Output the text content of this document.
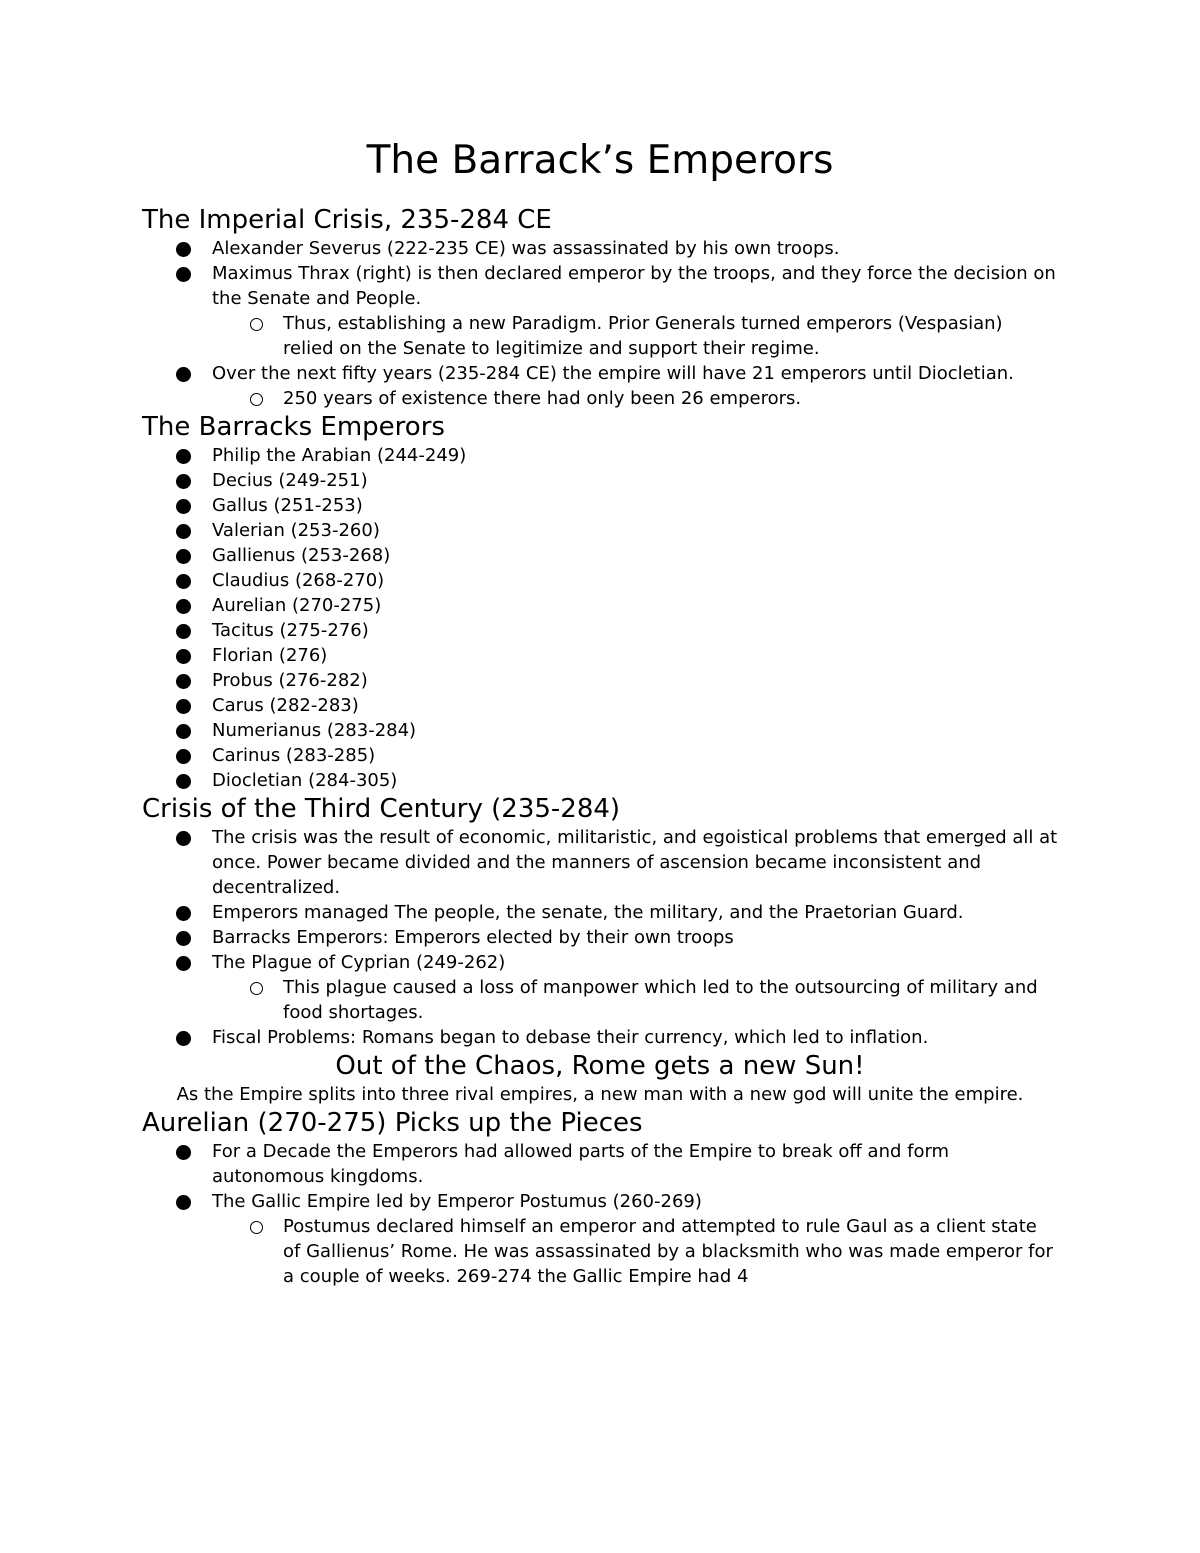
The Barrack’s Emperors
The Imperial Crisis, 235-284 CE
Alexander Severus (222-235 CE) was assassinated by his own troops.
Maximus Thrax (right) is then declared emperor by the troops, and they force the decision on the Senate and People.
Thus, establishing a new Paradigm. Prior Generals turned emperors (Vespasian) relied on the Senate to legitimize and support their regime.
Over the next fifty years (235-284 CE) the empire will have 21 emperors until Diocletian.
250 years of existence there had only been 26 emperors.
The Barracks Emperors
Philip the Arabian (244-249)
Decius (249-251)
Gallus (251-253)
Valerian (253-260)
Gallienus (253-268)
Claudius (268-270)
Aurelian (270-275)
Tacitus (275-276)
Florian (276)
Probus (276-282)
Carus (282-283)
Numerianus (283-284)
Carinus (283-285)
Diocletian (284-305)
Crisis of the Third Century (235-284)
The crisis was the result of economic, militaristic, and egoistical problems that emerged all at once. Power became divided and the manners of ascension became inconsistent and decentralized.
Emperors managed The people, the senate, the military, and the Praetorian Guard.
Barracks Emperors: Emperors elected by their own troops
The Plague of Cyprian (249-262)
This plague caused a loss of manpower which led to the outsourcing of military and food shortages.
Fiscal Problems: Romans began to debase their currency, which led to inflation.
Out of the Chaos, Rome gets a new Sun!

As the Empire splits into three rival empires, a new man with a new god will unite the empire.

Aurelian (270-275) Picks up the Pieces
For a Decade the Emperors had allowed parts of the Empire to break off and form autonomous kingdoms.
The Gallic Empire led by Emperor Postumus (260-269)
Postumus declared himself an emperor and attempted to rule Gaul as a client state of Gallienus’ Rome. He was assassinated by a blacksmith who was made emperor for a couple of weeks. 269-274 the Gallic Empire had 4
